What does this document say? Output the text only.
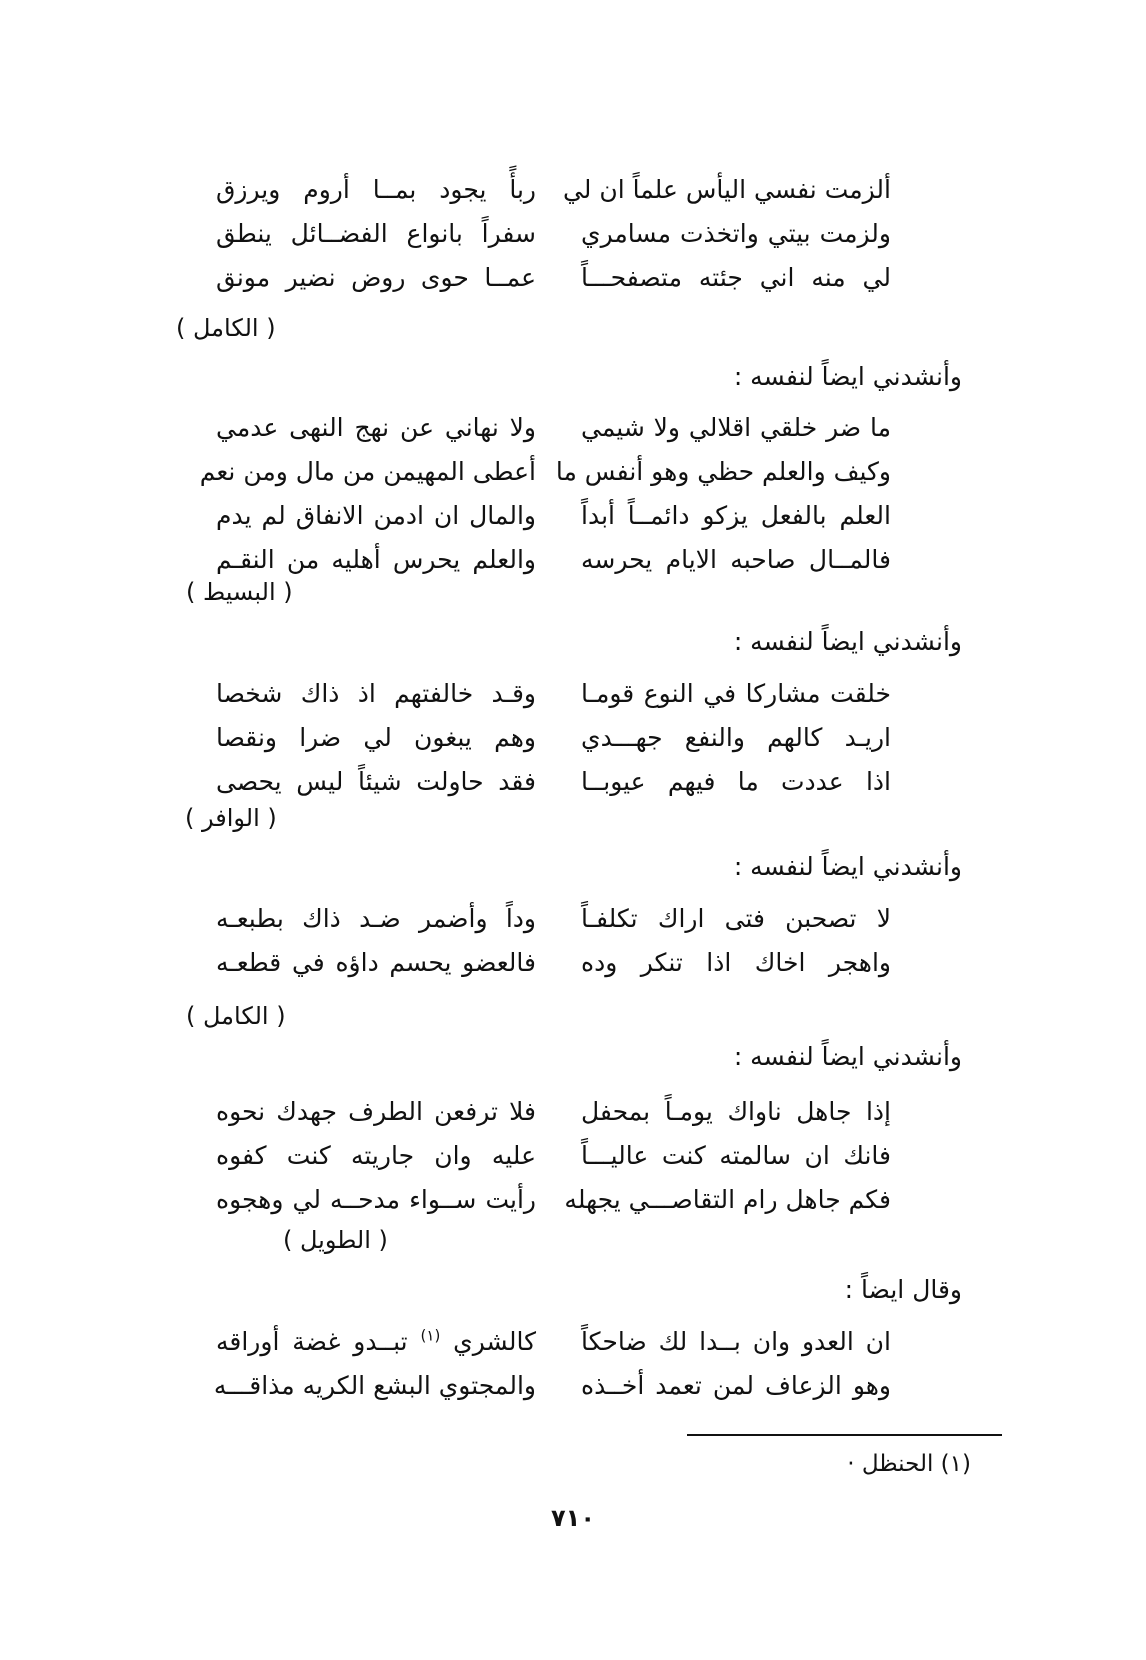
ألزمت نفسي اليأس علماً ان لي
ربأً يجود بمــا أروم ويرزق
ولزمت بيتي واتخذت مسامري
سفراً بانواع الفضــائل ينطق
لي منه اني جئته متصفحـــاً
عمــا حوى روض نضير مونق
( الكامل )
وأنشدني ايضاً لنفسه :
ما ضر خلقي اقلالي ولا شيمي
ولا نهاني عن نهج النهى عدمي
وكيف والعلم حظي وهو أنفس ما
أعطى المهيمن من مال ومن نعم
العلم بالفعل يزكو دائمــاً أبداً
والمال ان ادمن الانفاق لم يدم
فالمــال صاحبه الايام يحرسه
والعلم يحرس أهليه من النقـم
( البسيط )
وأنشدني ايضاً لنفسه :
خلقت مشاركا في النوع قومـا
وقـد خالفتهم اذ ذاك شخصا
اريـد كالهم والنفع جهـــدي
وهم يبغون لي ضرا ونقصا
اذا عددت ما فيهم عيوبــا
فقد حاولت شيئاً ليس يحصى
( الوافر )
وأنشدني ايضاً لنفسه :
لا تصحبن فتى اراك تكلفـاً
وداً وأضمر ضـد ذاك بطبعـه
واهجر اخاك اذا تنكر وده
فالعضو يحسم داؤه في قطعـه
( الكامل )
وأنشدني ايضاً لنفسه :
إذا جاهل ناواك يومـاً بمحفل
فلا ترفعن الطرف جهدك نحوه
فانك ان سالمته كنت عاليـــاً
عليه وان جاريته كنت كفوه
فكم جاهل رام التقاصـــي يجهله
رأيت ســواء مدحــه لي وهجوه
( الطويل )
وقال ايضاً :
ان العدو وان بــدا لك ضاحكاً
كالشري $^{(١)}$ تبــدو غضة أوراقه
وهو الزعاف لمن تعمد أخــذه
والمجتوي البشع الكريه مذاقـــه
(١) الحنظل ·
٧١٠
